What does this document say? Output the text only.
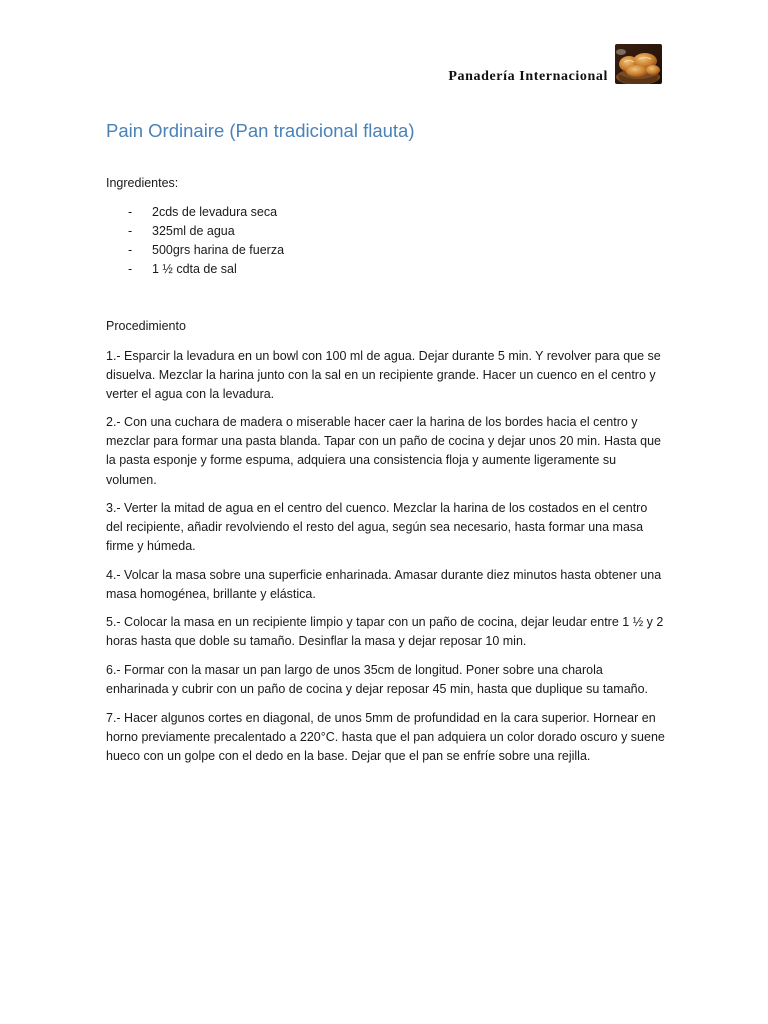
Panadería Internacional
Pain Ordinaire (Pan tradicional flauta)
Ingredientes:
- 2cds de levadura seca
- 325ml de agua
- 500grs harina de fuerza
- 1 ½ cdta de sal
Procedimiento

1.- Esparcir la levadura en un bowl con 100 ml de agua. Dejar durante 5 min. Y revolver para que se disuelva. Mezclar la harina junto con la sal en un recipiente grande. Hacer un cuenco en el centro y verter el agua con la levadura.

2.- Con una cuchara de madera o miserable hacer caer la harina de los bordes hacia el centro y mezclar para formar una pasta blanda. Tapar con un paño de cocina y dejar unos 20 min. Hasta que la pasta esponje y forme espuma, adquiera una consistencia floja y aumente ligeramente su volumen.

3.- Verter la mitad de agua en el centro del cuenco. Mezclar la harina de los costados en el centro del recipiente, añadir revolviendo el resto del agua, según sea necesario, hasta formar una masa firme y húmeda.

4.- Volcar la masa sobre una superficie enharinada. Amasar durante diez minutos hasta obtener una masa homogénea, brillante y elástica.

5.- Colocar la masa en un recipiente limpio y tapar con un paño de cocina, dejar leudar entre 1 ½ y 2 horas hasta que doble su tamaño. Desinflar la masa y dejar reposar 10 min.

6.- Formar con la masar un pan largo de unos 35cm de longitud. Poner sobre una charola enharinada y cubrir con un paño de cocina y dejar reposar 45 min, hasta que duplique su tamaño.

7.- Hacer algunos cortes en diagonal, de unos 5mm de profundidad en la cara superior. Hornear en horno previamente precalentado a 220°C. hasta que el pan adquiera un color dorado oscuro y suene hueco con un golpe con el dedo en la base. Dejar que el pan se enfríe sobre una rejilla.
